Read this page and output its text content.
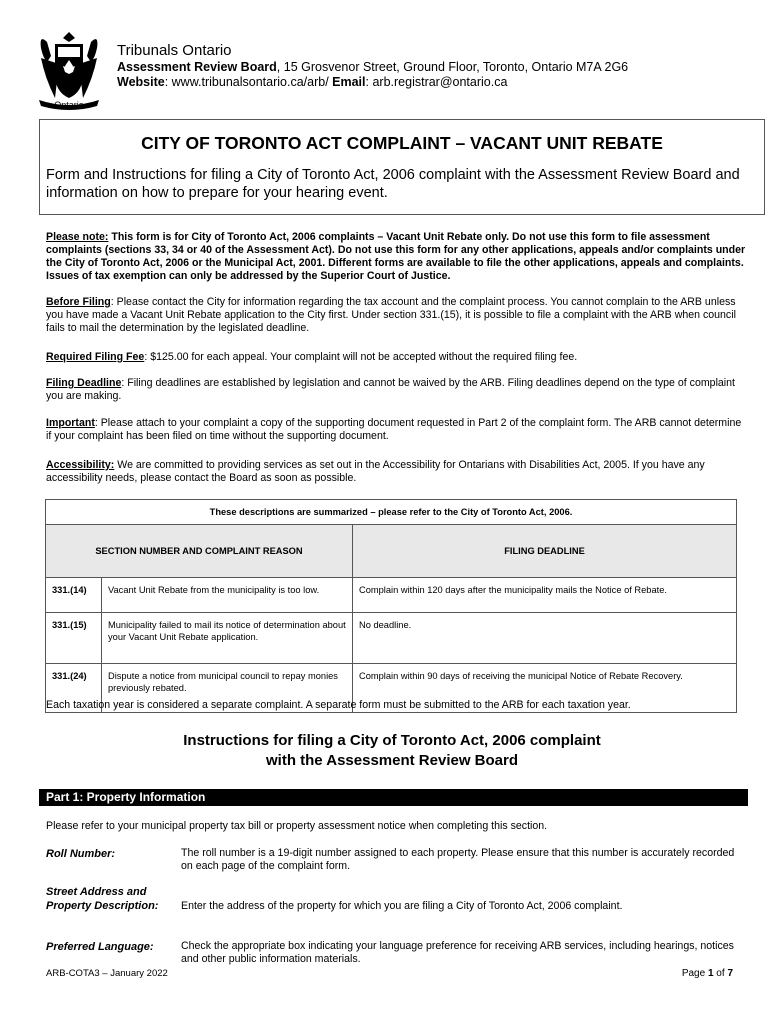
Ontario
Tribunals Ontario
Assessment Review Board, 15 Grosvenor Street, Ground Floor, Toronto, Ontario M7A 2G6
Website: www.tribunalsontario.ca/arb/ Email: arb.registrar@ontario.ca
CITY OF TORONTO ACT COMPLAINT – VACANT UNIT REBATE
Form and Instructions for filing a City of Toronto Act, 2006 complaint with the Assessment Review Board and information on how to prepare for your hearing event.
Please note: This form is for City of Toronto Act, 2006 complaints – Vacant Unit Rebate only. Do not use this form to file assessment complaints (sections 33, 34 or 40 of the Assessment Act). Do not use this form for any other applications, appeals and/or complaints under the City of Toronto Act, 2006 or the Municipal Act, 2001. Different forms are available to file the other applications, appeals and complaints. Issues of tax exemption can only be addressed by the Superior Court of Justice.
Before Filing: Please contact the City for information regarding the tax account and the complaint process. You cannot complain to the ARB unless you have made a Vacant Unit Rebate application to the City first. Under section 331.(15), it is possible to file a complaint with the ARB when council fails to mail the determination by the legislated deadline.
Required Filing Fee: $125.00 for each appeal. Your complaint will not be accepted without the required filing fee.
Filing Deadline: Filing deadlines are established by legislation and cannot be waived by the ARB. Filing deadlines depend on the type of complaint you are making.
Important: Please attach to your complaint a copy of the supporting document requested in Part 2 of the complaint form. The ARB cannot determine if your complaint has been filed on time without the supporting document.
Accessibility: We are committed to providing services as set out in the Accessibility for Ontarians with Disabilities Act, 2005. If you have any accessibility needs, please contact the Board as soon as possible.
These descriptions are summarized – please refer to the City of Toronto Act, 2006.		
SECTION NUMBER AND COMPLAINT REASON		FILING DEADLINE
331.(14)	Vacant Unit Rebate from the municipality is too low.	Complain within 120 days after the municipality mails the Notice of Rebate.
331.(15)	Municipality failed to mail its notice of determination about your Vacant Unit Rebate application.	No deadline.
331.(24)	Dispute a notice from municipal council to repay monies previously rebated.	Complain within 90 days of receiving the municipal Notice of Rebate Recovery.
Each taxation year is considered a separate complaint. A separate form must be submitted to the ARB for each taxation year.
Instructions for filing a City of Toronto Act, 2006 complaint
with the Assessment Review Board
Part 1: Property Information
Please refer to your municipal property tax bill or property assessment notice when completing this section.
Roll Number:	The roll number is a 19-digit number assigned to each property. Please ensure that this number is accurately recorded on each page of the complaint form.
Street Address and
Property Description:	Enter the address of the property for which you are filing a City of Toronto Act, 2006 complaint.
Preferred Language:	Check the appropriate box indicating your language preference for receiving ARB services, including hearings, notices and other public information materials.
ARB-COTA3 – January 2022	Page 1 of 7
